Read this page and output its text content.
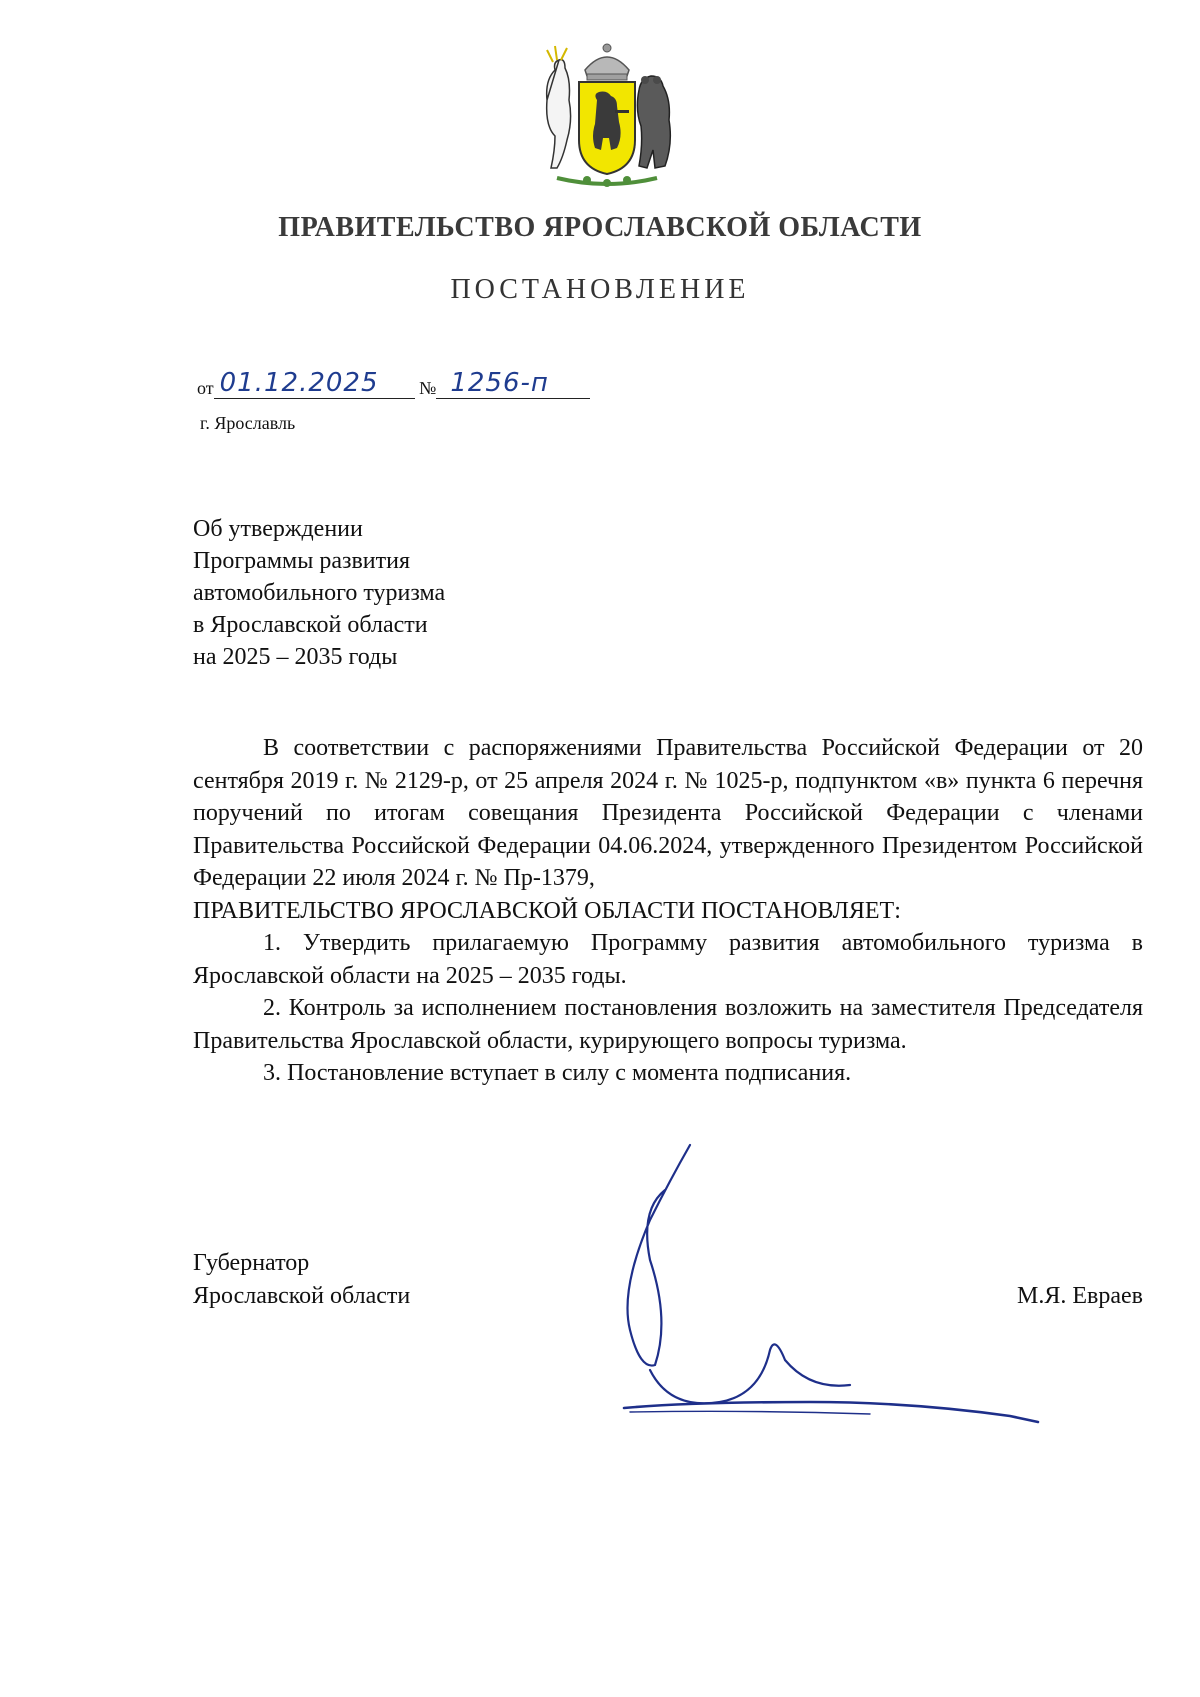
ПРАВИТЕЛЬСТВО ЯРОСЛАВСКОЙ ОБЛАСТИ
ПОСТАНОВЛЕНИЕ
от 01.12.2025 № 1256-п
г. Ярославль
Об утверждении
Программы развития
автомобильного туризма
в Ярославской области
на 2025 – 2035 годы

В соответствии с распоряжениями Правительства Российской Федерации от 20 сентября 2019 г. № 2129-р, от 25 апреля 2024 г. № 1025-р, подпунктом «в» пункта 6 перечня поручений по итогам совещания Президента Российской Федерации с членами Правительства Российской Федерации 04.06.2024, утвержденного Президентом Российской Федерации 22 июля 2024 г. № Пр-1379,

ПРАВИТЕЛЬСТВО ЯРОСЛАВСКОЙ ОБЛАСТИ ПОСТАНОВЛЯЕТ:

1. Утвердить прилагаемую Программу развития автомобильного туризма в Ярославской области на 2025 – 2035 годы.

2. Контроль за исполнением постановления возложить на заместителя Председателя Правительства Ярославской области, курирующего вопросы туризма.

3. Постановление вступает в силу с момента подписания.

Губернатор
Ярославской области	М.Я. Евраев
